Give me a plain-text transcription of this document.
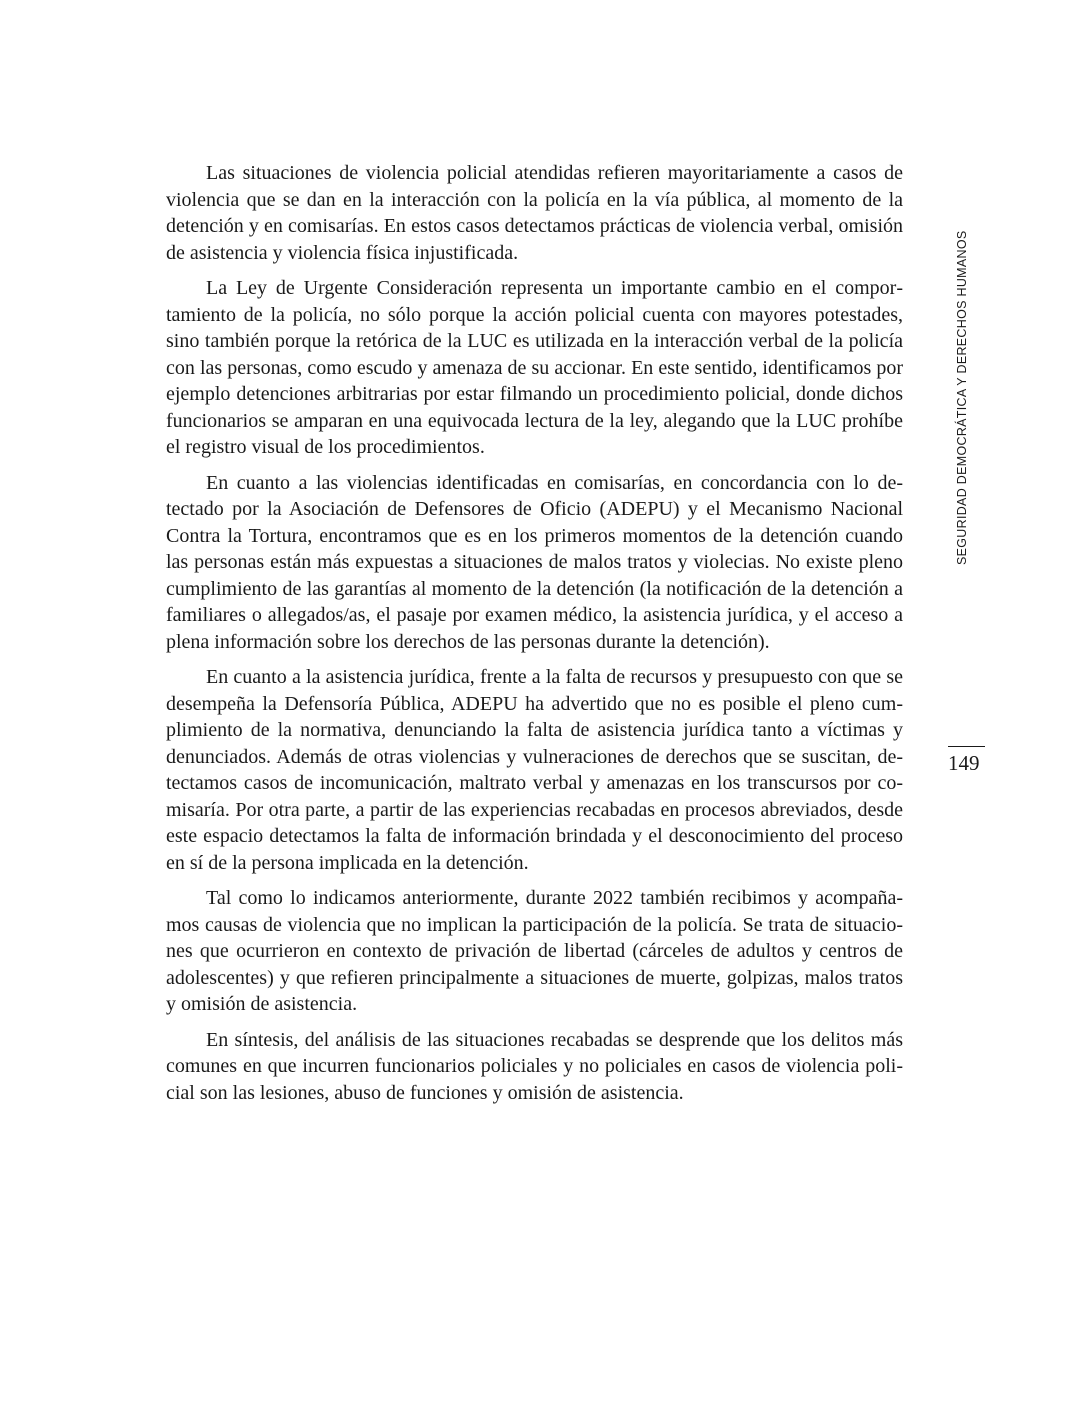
Las situaciones de violencia policial atendidas refieren mayoritariamente a casos de violencia que se dan en la interacción con la policía en la vía pública, al momento de la detención y en comisarías. En estos casos detectamos prácticas de violencia verbal, omisión de asistencia y violencia física injustificada.

La Ley de Urgente Consideración representa un importante cambio en el comportamiento de la policía, no sólo porque la acción policial cuenta con mayores potestades, sino también porque la retórica de la LUC es utilizada en la interacción verbal de la policía con las personas, como escudo y amenaza de su accionar. En este sentido, identificamos por ejemplo detenciones arbitrarias por estar filmando un procedimiento policial, donde dichos funcionarios se amparan en una equivocada lectura de la ley, alegando que la LUC prohíbe el registro visual de los procedimientos.

En cuanto a las violencias identificadas en comisarías, en concordancia con lo detectado por la Asociación de Defensores de Oficio (ADEPU) y el Mecanismo Nacional Contra la Tortura, encontramos que es en los primeros momentos de la detención cuando las personas están más expuestas a situaciones de malos tratos y violecias. No existe pleno cumplimiento de las garantías al momento de la detención (la notificación de la detención a familiares o allegados/as, el pasaje por examen médico, la asistencia jurídica, y el acceso a plena información sobre los derechos de las personas durante la detención).

En cuanto a la asistencia jurídica, frente a la falta de recursos y presupuesto con que se desempeña la Defensoría Pública, ADEPU ha advertido que no es posible el pleno cumplimiento de la normativa, denunciando la falta de asistencia jurídica tanto a víctimas y denunciados. Además de otras violencias y vulneraciones de derechos que se suscitan, detectamos casos de incomunicación, maltrato verbal y amenazas en los transcursos por comisaría. Por otra parte, a partir de las experiencias recabadas en procesos abreviados, desde este espacio detectamos la falta de información brindada y el desconocimiento del proceso en sí de la persona implicada en la detención.

Tal como lo indicamos anteriormente, durante 2022 también recibimos y acompañamos causas de violencia que no implican la participación de la policía. Se trata de situaciones que ocurrieron en contexto de privación de libertad (cárceles de adultos y centros de adolescentes) y que refieren principalmente a situaciones de muerte, golpizas, malos tratos y omisión de asistencia.

En síntesis, del análisis de las situaciones recabadas se desprende que los delitos más comunes en que incurren funcionarios policiales y no policiales en casos de violencia policial son las lesiones, abuso de funciones y omisión de asistencia.

SEGURIDAD DEMOCRÁTICA Y DERECHOS HUMANOS
149
